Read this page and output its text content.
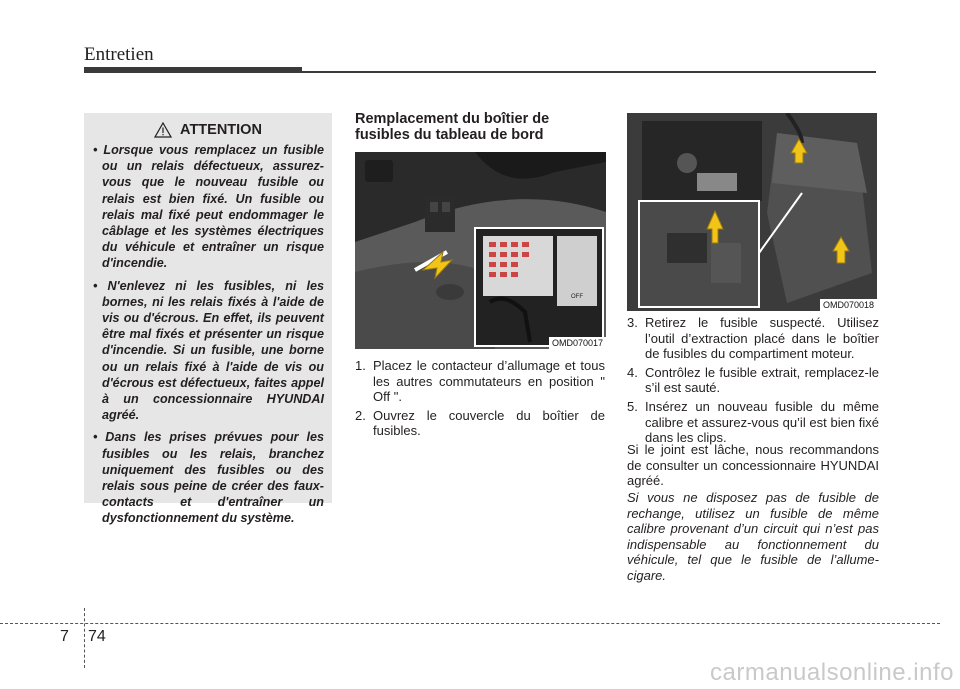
Entretien
ATTENTION
• Lorsque vous remplacez un fusible ou un relais défectueux, assurez-vous que le nouveau fusible ou relais est bien fixé. Un fusible ou relais mal fixé peut endommager le câblage et les systèmes électriques du véhicule et entraîner un risque d'incendie.
• N'enlevez ni les fusibles, ni les bornes, ni les relais fixés à l'aide de vis ou d'écrous. En effet, ils peuvent être mal fixés et présenter un risque d'incendie. Si un fusible, une borne ou un relais fixé à l'aide de vis ou d'écrous est défectueux, faites appel à un concessionnaire HYUNDAI agréé.
• Dans les prises prévues pour les fusibles ou les relais, branchez uniquement des fusibles ou des relais sous peine de créer des faux-contacts et d'entraîner un dysfonctionnement du système.
Remplacement du boîtier de fusibles du tableau de bord
OFF
ON
OMD070017
OMD070018
1. Placez le contacteur d’allumage et tous les autres commutateurs en position " Off ".
2. Ouvrez le couvercle du boîtier de fusibles.
3. Retirez le fusible suspecté. Utilisez l’outil d’extraction placé dans le boîtier de fusibles du compartiment moteur.
4. Contrôlez le fusible extrait, remplacez-le s’il est sauté.
5. Insérez un nouveau fusible du même calibre et assurez-vous qu’il est bien fixé dans les clips.

Si le joint est lâche, nous recommandons de consulter un concessionnaire HYUNDAI agréé.

Si vous ne disposez pas de fusible de rechange, utilisez un fusible de même calibre provenant d’un circuit qui n’est pas indispensable au fonctionnement du véhicule, tel que le fusible de l’allume-cigare.

7 74
carmanualsonline.info
